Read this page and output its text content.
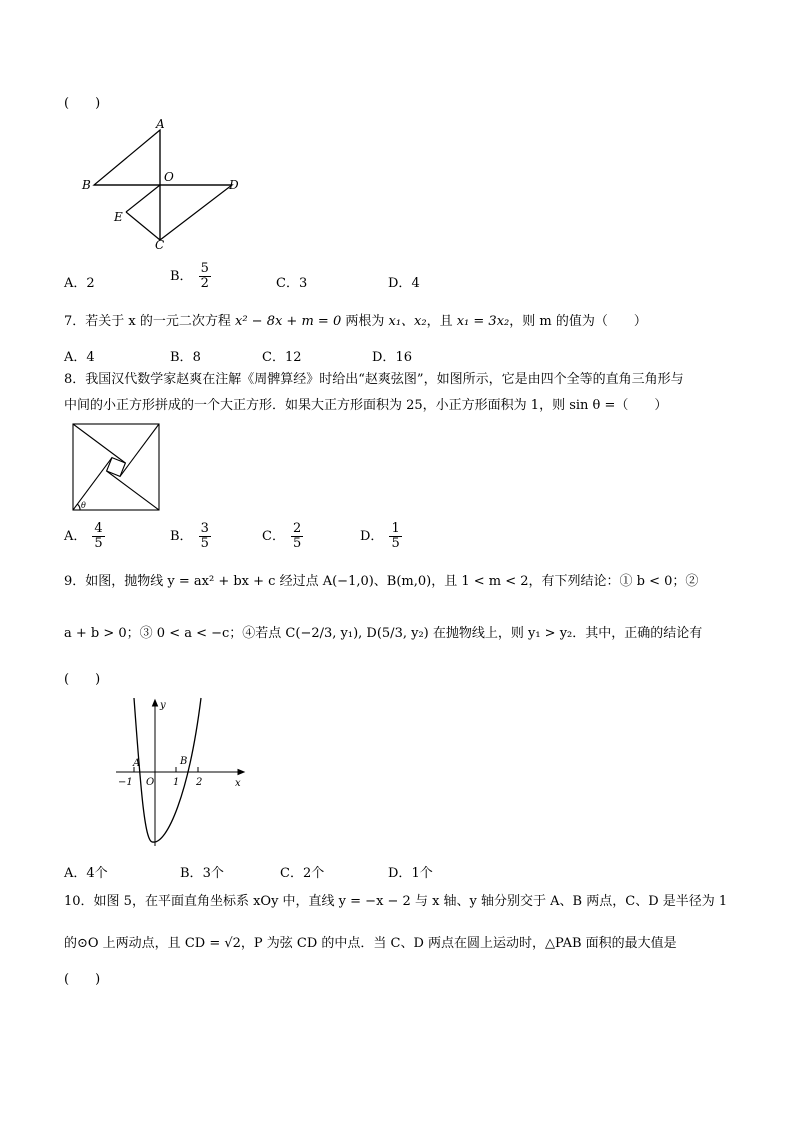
(　　)
A
B
O
D
E
C
A．2	B． $\frac{5}{2}$	C．3	D．4
7．若关于 x 的一元二次方程 x² − 8x + m = 0 两根为 x₁、x₂，且 x₁ = 3x₂，则 m 的值为（　　）
A．4	B．8	C．12	D．16
8．我国汉代数学家赵爽在注解《周髀算经》时给出“赵爽弦图”，如图所示，它是由四个全等的直角三角形与
中间的小正方形拼成的一个大正方形．如果大正方形面积为 25，小正方形面积为 1，则 sin θ =（　　）
θ
A． $\frac{4}{5}$	B． $\frac{3}{5}$	C． $\frac{2}{5}$	D． $\frac{1}{5}$
9．如图，抛物线 y = ax² + bx + c 经过点 A(−1,0)、B(m,0)，且 1 < m < 2，有下列结论：① b < 0；②
a + b > 0；③ 0 < a < −c；④若点 C(−2/3, y₁), D(5/3, y₂) 在抛物线上，则 y₁ > y₂．其中，正确的结论有
(　　)
y
x
A	B
O
−1	1 2
A．4个	B．3个	C．2个	D．1个
10．如图 5，在平面直角坐标系 xOy 中，直线 y = −x − 2 与 x 轴、y 轴分别交于 A、B 两点，C、D 是半径为 1
的⊙O 上两动点，且 CD = √2，P 为弦 CD 的中点．当 C、D 两点在圆上运动时，△PAB 面积的最大值是
(　　)
